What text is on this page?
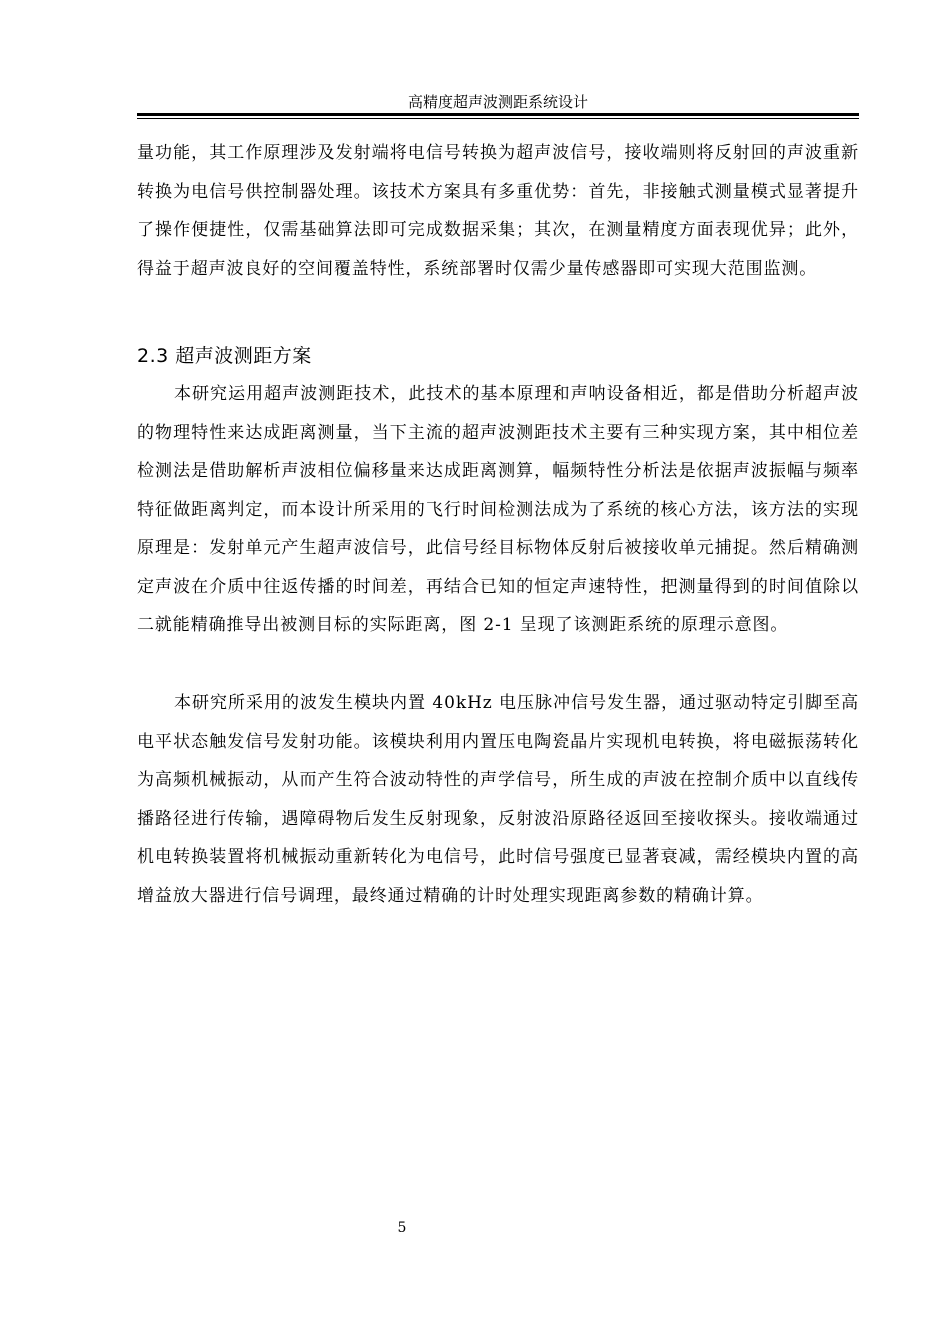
高精度超声波测距系统设计

量功能，其工作原理涉及发射端将电信号转换为超声波信号，接收端则将反射回的声波重新转换为电信号供控制器处理。该技术方案具有多重优势：首先，非接触式测量模式显著提升了操作便捷性，仅需基础算法即可完成数据采集；其次，在测量精度方面表现优异；此外，得益于超声波良好的空间覆盖特性，系统部署时仅需少量传感器即可实现大范围监测。

2.3 超声波测距方案

本研究运用超声波测距技术，此技术的基本原理和声呐设备相近，都是借助分析超声波的物理特性来达成距离测量，当下主流的超声波测距技术主要有三种实现方案，其中相位差检测法是借助解析声波相位偏移量来达成距离测算，幅频特性分析法是依据声波振幅与频率特征做距离判定，而本设计所采用的飞行时间检测法成为了系统的核心方法，该方法的实现原理是：发射单元产生超声波信号，此信号经目标物体反射后被接收单元捕捉。然后精确测定声波在介质中往返传播的时间差，再结合已知的恒定声速特性，把测量得到的时间值除以二就能精确推导出被测目标的实际距离，图 2-1 呈现了该测距系统的原理示意图。

本研究所采用的波发生模块内置 40kHz 电压脉冲信号发生器，通过驱动特定引脚至高电平状态触发信号发射功能。该模块利用内置压电陶瓷晶片实现机电转换，将电磁振荡转化为高频机械振动，从而产生符合波动特性的声学信号，所生成的声波在控制介质中以直线传播路径进行传输，遇障碍物后发生反射现象，反射波沿原路径返回至接收探头。接收端通过机电转换装置将机械振动重新转化为电信号，此时信号强度已显著衰减，需经模块内置的高增益放大器进行信号调理，最终通过精确的计时处理实现距离参数的精确计算。

5
